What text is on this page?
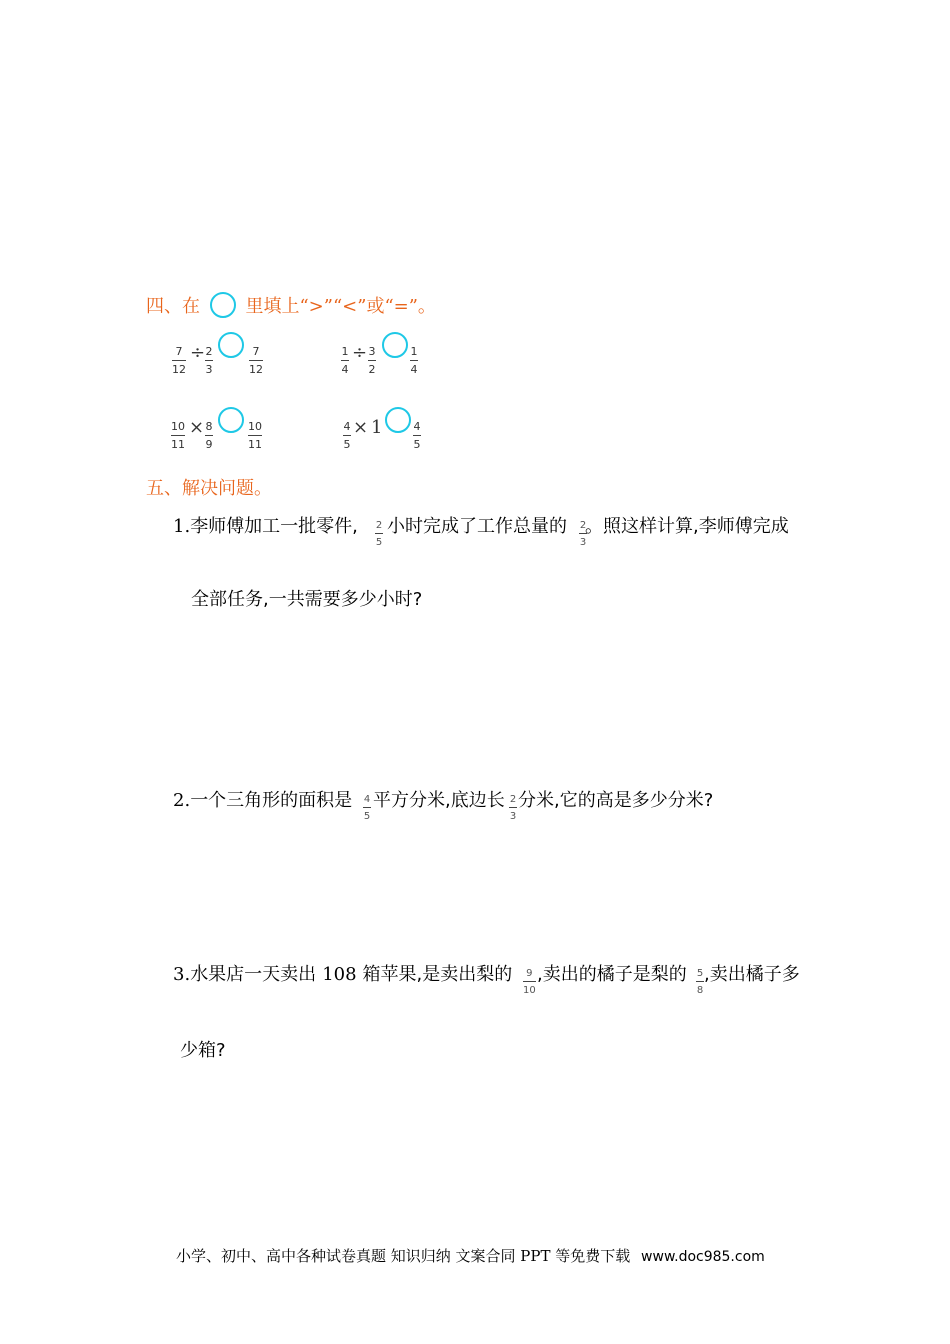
四、在	里填上“>”“<”或“=”。
7
12
÷ 2
3
7
12
1
4
÷ 3
2
1
4
10
11
× 8
9
10
11
4
5
× 1	4
5
五、解决问题。
1.李师傅加工一批零件, 2
5
小时完成了工作总量的 2
3
。照这样计算,李师傅完成
全部任务,一共需要多少小时?
2.一个三角形的面积是 4
5
平方分米,底边长 2
3
分米,它的高是多少分米?
3.水果店一天卖出 108 箱苹果,是卖出梨的 9
10
,卖出的橘子是梨的 5
8
,卖出橘子多
少箱?
小学、初中、高中各种试卷真题 知识归纳 文案合同 PPT 等免费下载 www.doc985.com
